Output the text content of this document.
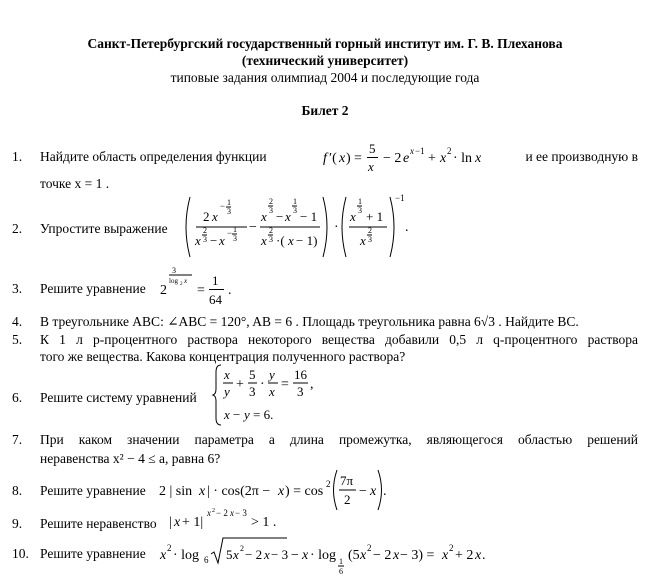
Санкт-Петербургский государственный горный институт им. Г. В. Плеханова
(технический университет)
типовые задания олимпиад 2004 и последующие года
Билет 2
1. Найдите область определения функции	f ′( x ) =
5
x
− 2 e x −1 + x 2 · ln x	и ее производную в
точке x = 1 .
2. Упростите выражение
2 x
− 1
3
x
2
3 − x − 1
3
−
x
2
3 − x
1
3 − 1
x
2
3 ·( x − 1)
·
x
1
3 + 1
x
2
3
−1
.
3. Решите уравнение 2
3
log 2 x
=
1
64
.
4. В треугольнике ABC: ∠ABC = 120°, AB = 6 . Площадь треугольника равна 6√3 . Найдите BC.
5. К 1 л p-процентного раствора некоторого вещества добавили 0,5 л q-процентного раствора
того же вещества. Какова концентрация полученного раствора?
6. Решите систему уравнений
x
y +
5
3 ·
y
x =
16
3 ,
x − y = 6.
7. При каком значении параметра a длина промежутка, являющегося областью решений
неравенства x² − 4 ≤ a, равна 6?
8. Решите уравнение 2 | sin x | · cos(2π − x ) = cos 2 7π
2
− x .
9. Решите неравенство | x + 1|
x 2 − 2 x − 3
> 1 .
10. Решите уравнение x 2 · log 6 5 x 2 − 2 x − 3 − x · log 1
6
(5 x 2 − 2 x − 3) = x 2 + 2 x .
